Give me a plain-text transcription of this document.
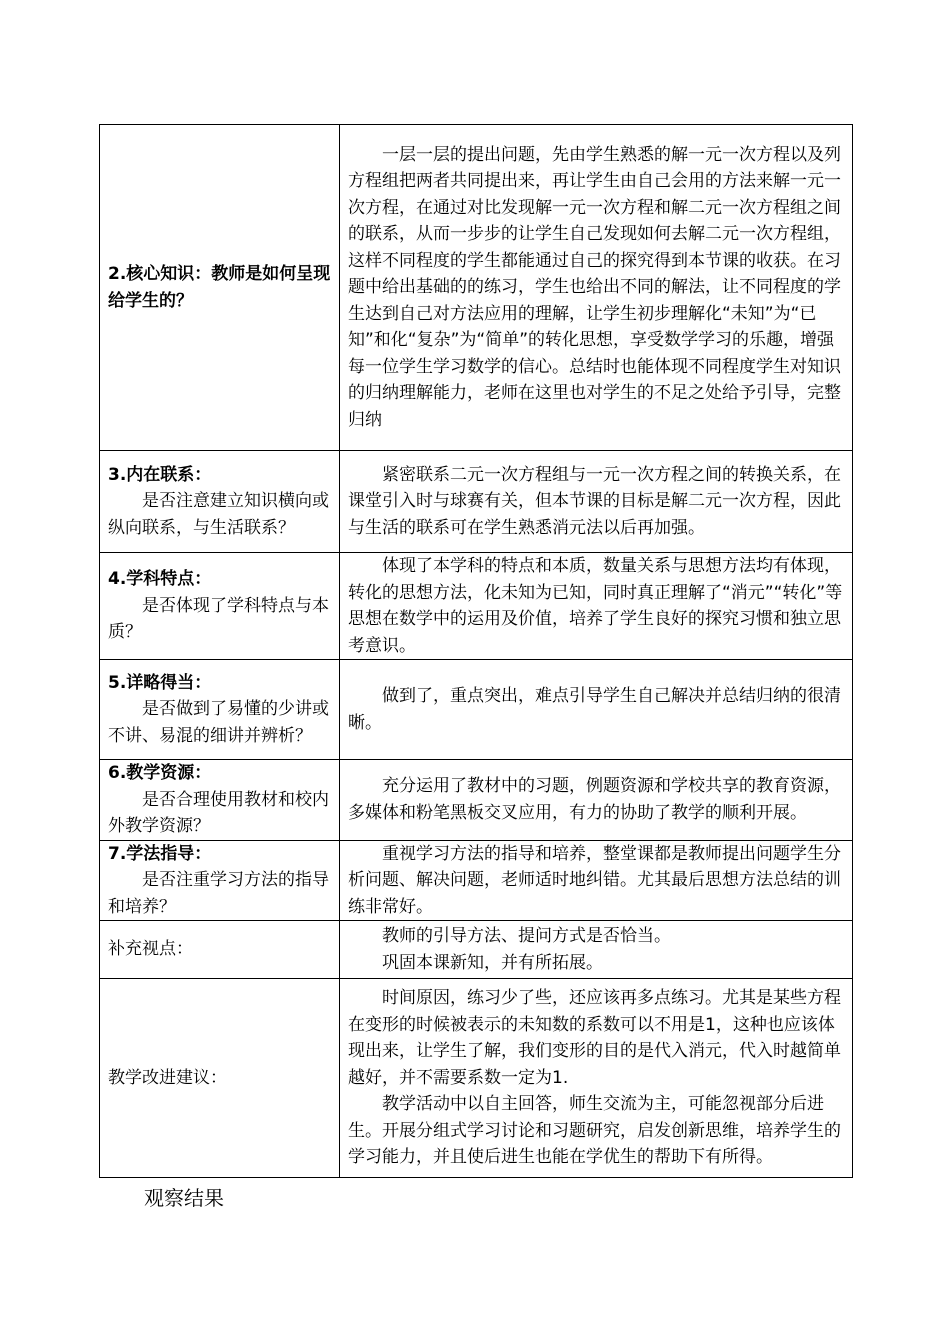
2.核心知识：教师是如何呈现给学生的？	一层一层的提出问题，先由学生熟悉的解一元一次方程以及列方程组把两者共同提出来，再让学生由自己会用的方法来解一元一次方程，在通过对比发现解一元一次方程和解二元一次方程组之间的联系，从而一步步的让学生自己发现如何去解二元一次方程组，这样不同程度的学生都能通过自己的探究得到本节课的收获。在习题中给出基础的的练习，学生也给出不同的解法，让不同程度的学生达到自己对方法应用的理解，让学生初步理解化“未知”为“已知”和化“复杂”为“简单”的转化思想，享受数学学习的乐趣，增强每一位学生学习数学的信心。总结时也能体现不同程度学生对知识的归纳理解能力，老师在这里也对学生的不足之处给予引导，完整归纳

3.内在联系：
是否注意建立知识横向或纵向联系，与生活联系？	紧密联系二元一次方程组与一元一次方程之间的转换关系，在课堂引入时与球赛有关，但本节课的目标是解二元一次方程，因此与生活的联系可在学生熟悉消元法以后再加强。

4.学科特点：
是否体现了学科特点与本质？	体现了本学科的特点和本质，数量关系与思想方法均有体现，转化的思想方法，化未知为已知，同时真正理解了“消元”“转化”等思想在数学中的运用及价值，培养了学生良好的探究习惯和独立思考意识。

5.详略得当：
是否做到了易懂的少讲或不讲、易混的细讲并辨析？	做到了，重点突出，难点引导学生自己解决并总结归纳的很清晰。

6.教学资源：
是否合理使用教材和校内外教学资源？	充分运用了教材中的习题，例题资源和学校共享的教育资源，多媒体和粉笔黑板交叉应用，有力的协助了教学的顺利开展。

7.学法指导：
是否注重学习方法的指导和培养？	重视学习方法的指导和培养，整堂课都是教师提出问题学生分析问题、解决问题，老师适时地纠错。尤其最后思想方法总结的训练非常好。

补充视点：	教师的引导方法、提问方式是否恰当。

巩固本课新知，并有所拓展。

教学改进建议：	时间原因，练习少了些，还应该再多点练习。尤其是某些方程在变形的时候被表示的未知数的系数可以不用是1，这种也应该体现出来，让学生了解，我们变形的目的是代入消元，代入时越简单越好，并不需要系数一定为1.

教学活动中以自主回答，师生交流为主，可能忽视部分后进生。开展分组式学习讨论和习题研究，启发创新思维，培养学生的学习能力，并且使后进生也能在学优生的帮助下有所得。

观察结果
